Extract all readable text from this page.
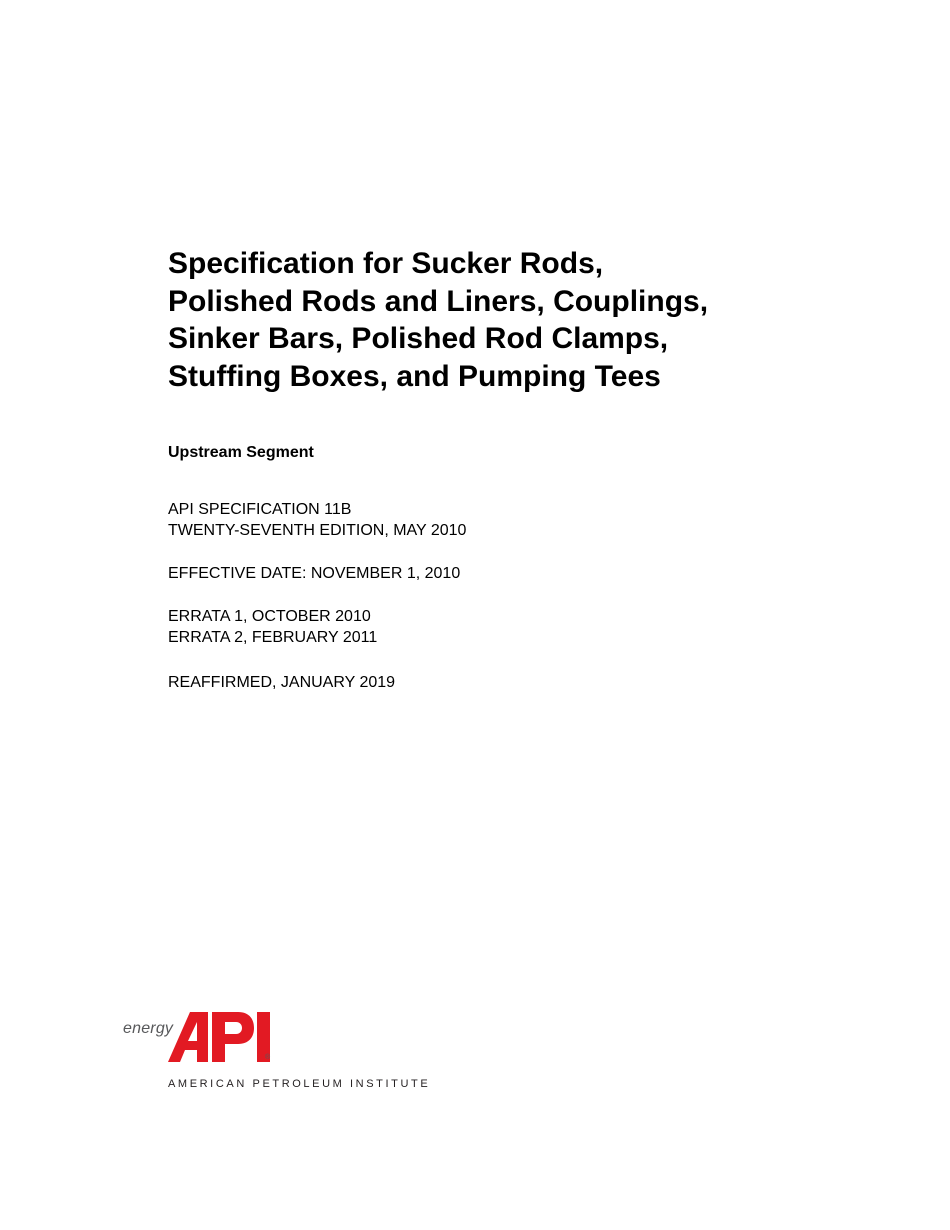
Specification for Sucker Rods,
Polished Rods and Liners, Couplings,
Sinker Bars, Polished Rod Clamps,
Stuffing Boxes, and Pumping Tees
Upstream Segment
API SPECIFICATION 11B
TWENTY-SEVENTH EDITION, MAY 2010
EFFECTIVE DATE: NOVEMBER 1, 2010
ERRATA 1, OCTOBER 2010
ERRATA 2, FEBRUARY 2011
REAFFIRMED, JANUARY 2019
energy
®
AMERICAN PETROLEUM INSTITUTE
